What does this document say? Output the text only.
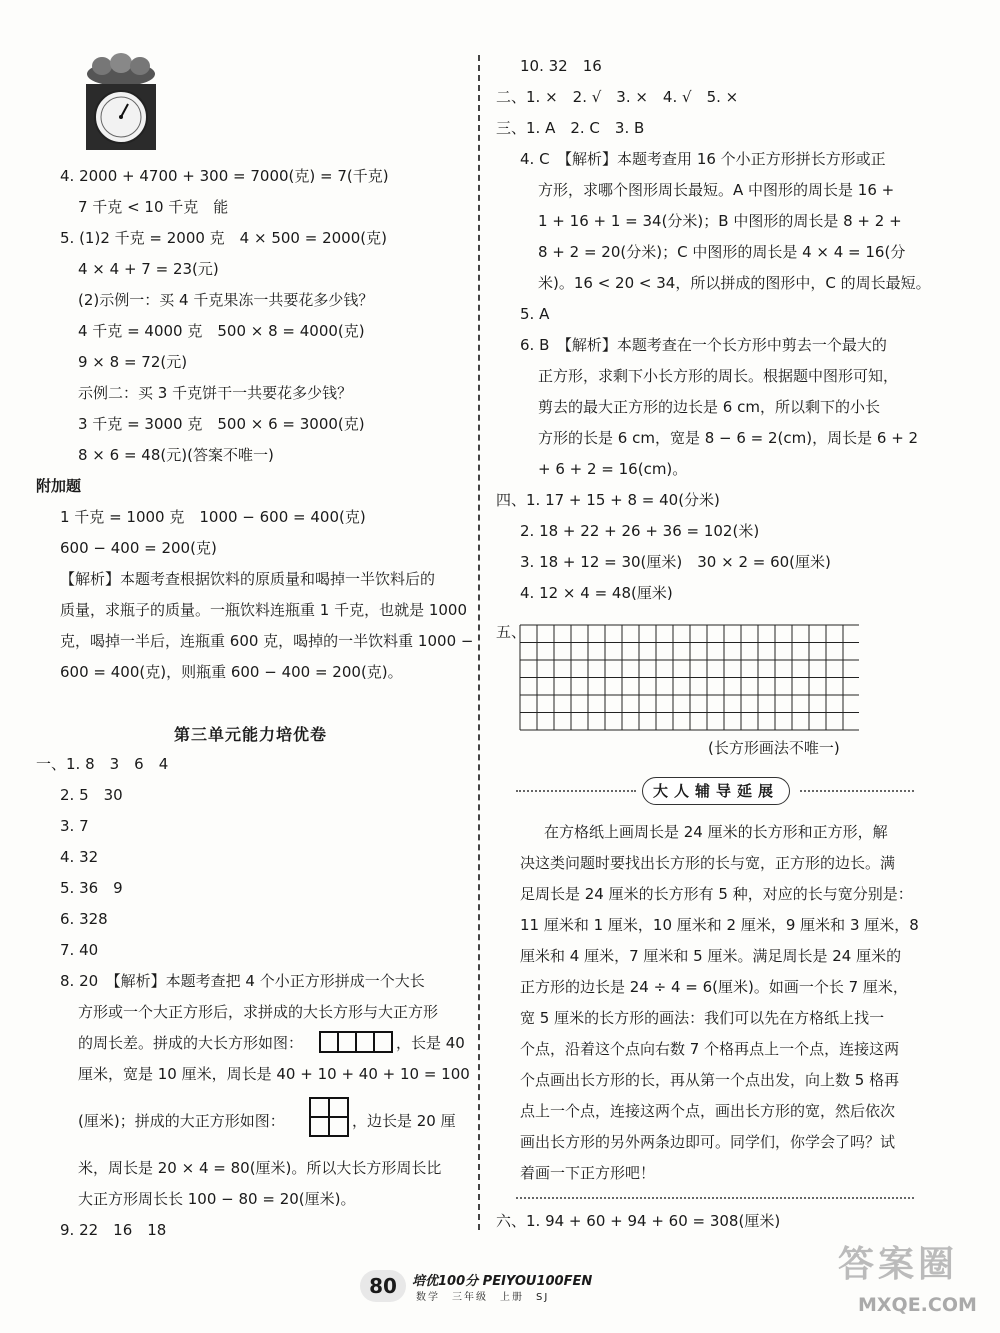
4. 2000 + 4700 + 300 = 7000(克) = 7(千克)
7 千克 < 10 千克　能
5. (1)2 千克 = 2000 克　4 × 500 = 2000(克)
4 × 4 + 7 = 23(元)
(2)示例一：买 4 千克果冻一共要花多少钱？
4 千克 = 4000 克　500 × 8 = 4000(克)
9 × 8 = 72(元)
示例二：买 3 千克饼干一共要花多少钱？
3 千克 = 3000 克　500 × 6 = 3000(克)
8 × 6 = 48(元)(答案不唯一)
附加题
1 千克 = 1000 克　1000 − 600 = 400(克)
600 − 400 = 200(克)
【解析】本题考查根据饮料的原质量和喝掉一半饮料后的
质量，求瓶子的质量。一瓶饮料连瓶重 1 千克，也就是 1000
克，喝掉一半后，连瓶重 600 克，喝掉的一半饮料重 1000 −
600 = 400(克)，则瓶重 600 − 400 = 200(克)。
一、1. 8　3　6　4
2. 5　30
3. 7
4. 32
5. 36　9
6. 328
7. 40
8. 20　【解析】本题考查把 4 个小正方形拼成一个大长
方形或一个大正方形后，求拼成的大长方形与大正方形
的周长差。拼成的大长方形如图：	，长是 40
厘米，宽是 10 厘米，周长是 40 + 10 + 40 + 10 = 100
(厘米)；拼成的大正方形如图：	，边长是 20 厘
米，周长是 20 × 4 = 80(厘米)。所以大长方形周长比
大正方形周长长 100 − 80 = 20(厘米)。
9. 22　16　18
10. 32　16
二、1. ×　2. √　3. ×　4. √　5. ×
三、1. A　2. C　3. B
4. C　【解析】本题考查用 16 个小正方形拼长方形或正
方形，求哪个图形周长最短。A 中图形的周长是 16 +
1 + 16 + 1 = 34(分米)；B 中图形的周长是 8 + 2 +
8 + 2 = 20(分米)；C 中图形的周长是 4 × 4 = 16(分
米)。16 < 20 < 34，所以拼成的图形中，C 的周长最短。
5. A
6. B　【解析】本题考查在一个长方形中剪去一个最大的
正方形，求剩下小长方形的周长。根据题中图形可知，
剪去的最大正方形的边长是 6 cm，所以剩下的小长
方形的长是 6 cm，宽是 8 − 6 = 2(cm)，周长是 6 + 2
+ 6 + 2 = 16(cm)。
四、1. 17 + 15 + 8 = 40(分米)
2. 18 + 22 + 26 + 36 = 102(米)
3. 18 + 12 = 30(厘米)　30 × 2 = 60(厘米)
4. 12 × 4 = 48(厘米)
五、
(长方形画法不唯一)
在方格纸上画周长是 24 厘米的长方形和正方形，解
决这类问题时要找出长方形的长与宽，正方形的边长。满
足周长是 24 厘米的长方形有 5 种，对应的长与宽分别是：
11 厘米和 1 厘米，10 厘米和 2 厘米，9 厘米和 3 厘米，8
厘米和 4 厘米，7 厘米和 5 厘米。满足周长是 24 厘米的
正方形的边长是 24 ÷ 4 = 6(厘米)。如画一个长 7 厘米，
宽 5 厘米的长方形的画法：我们可以先在方格纸上找一
个点，沿着这个点向右数 7 个格再点上一个点，连接这两
个点画出长方形的长，再从第一个点出发，向上数 5 格再
点上一个点，连接这两个点，画出长方形的宽，然后依次
画出长方形的另外两条边即可。同学们，你学会了吗？试
着画一下正方形吧！
六、1. 94 + 60 + 94 + 60 = 308(厘米)
第三单元能力培优卷
大人辅导延展
80	培优100分 PEIYOU100FEN
数学　三年级　上册　SJ
答案圈
MXQE.COM
